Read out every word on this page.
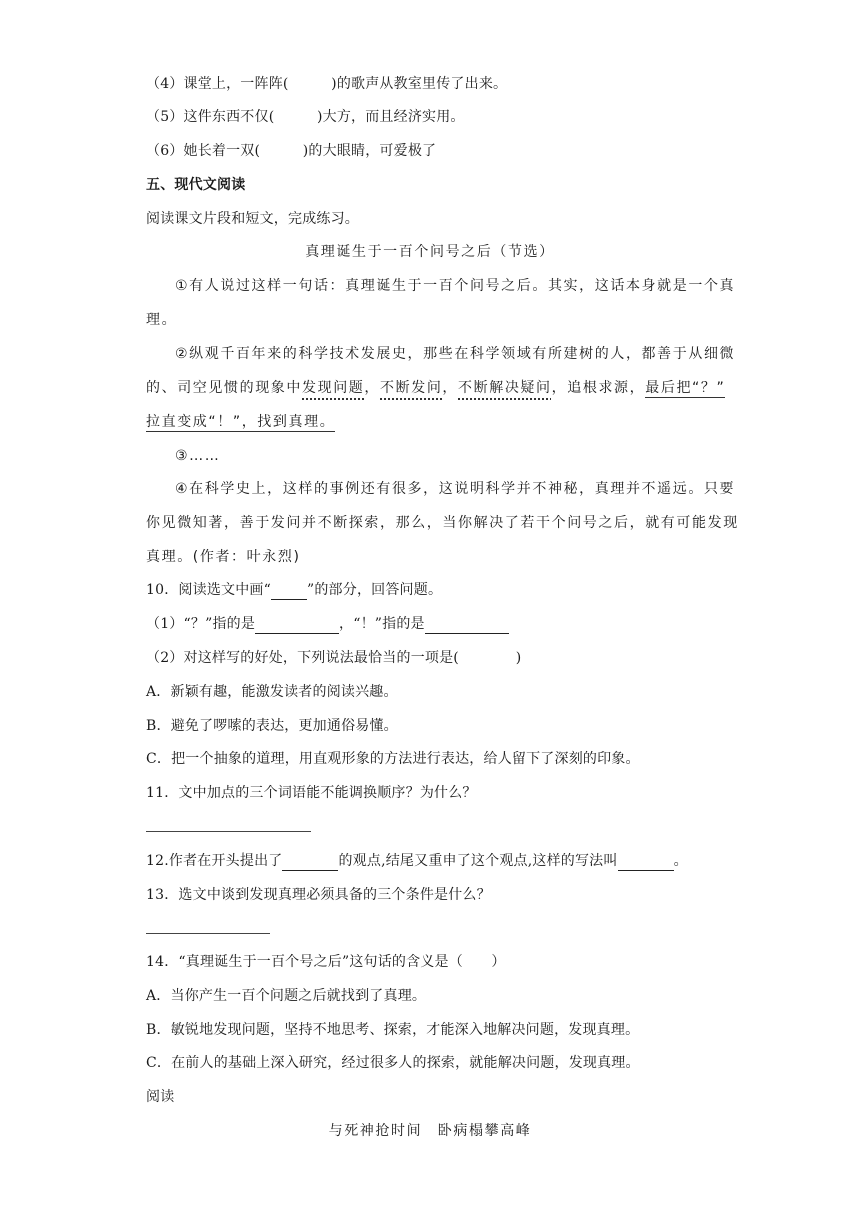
（4）课堂上，一阵阵(　　　)的歌声从教室里传了出来。
（5）这件东西不仅(　　　)大方，而且经济实用。
（6）她长着一双(　　　)的大眼睛，可爱极了
五、现代文阅读
阅读课文片段和短文，完成练习。
真理诞生于一百个问号之后（节选）
①有人说过这样一句话：真理诞生于一百个问号之后。其实，这话本身就是一个真
理。
②纵观千百年来的科学技术发展史，那些在科学领域有所建树的人，都善于从细微
的、司空见惯的现象中发现问题，不断发问，不断解决疑问，追根求源，最后把“？”
拉直变成“！”，找到真理。
③……
④在科学史上，这样的事例还有很多，这说明科学并不神秘，真理并不遥远。只要
你见微知著，善于发问并不断探索，那么，当你解决了若干个问号之后，就有可能发现
真理。(作者：叶永烈)
10．阅读选文中画“	”的部分，回答问题。
（1）“？”指的是	，“！”指的是
（2）对这样写的好处，下列说法最恰当的一项是(　　　　)
A．新颖有趣，能激发读者的阅读兴趣。
B．避免了啰嗦的表达，更加通俗易懂。
C．把一个抽象的道理，用直观形象的方法进行表达，给人留下了深刻的印象。
11．文中加点的三个词语能不能调换顺序？为什么？
12.作者在开头提出了	的观点,结尾又重申了这个观点,这样的写法叫	。
13．选文中谈到发现真理必须具备的三个条件是什么？
14．“真理诞生于一百个号之后”这句话的含义是（　　）
A．当你产生一百个问题之后就找到了真理。
B．敏锐地发现问题，坚持不地思考、探索，才能深入地解决问题，发现真理。
C．在前人的基础上深入研究，经过很多人的探索，就能解决问题，发现真理。
阅读
与死神抢时间　卧病榻攀高峰
